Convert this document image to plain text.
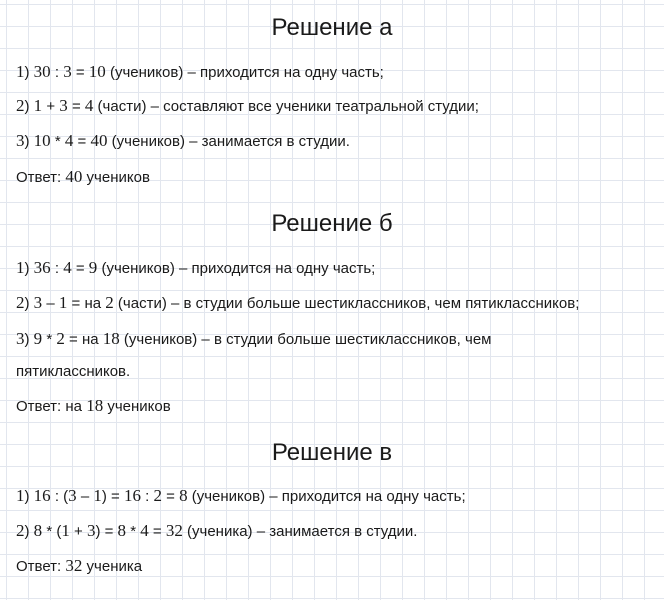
Решение а
1) 30 : 3 = 10 (учеников) – приходится на одну часть;
2) 1 + 3 = 4 (части) – составляют все ученики театральной студии;
3) 10 * 4 = 40 (учеников) – занимается в студии.
Ответ: 40 учеников
Решение б
1) 36 : 4 = 9 (учеников) – приходится на одну часть;
2) 3 – 1 = на 2 (части) – в студии больше шестиклассников, чем пятиклассников;
3) 9 * 2 = на 18 (учеников) – в студии больше шестиклассников, чем
пятиклассников.
Ответ: на 18 учеников
Решение в
1) 16 : (3 – 1) = 16 : 2 = 8 (учеников) – приходится на одну часть;
2) 8 * (1 + 3) = 8 * 4 = 32 (ученика) – занимается в студии.
Ответ: 32 ученика
